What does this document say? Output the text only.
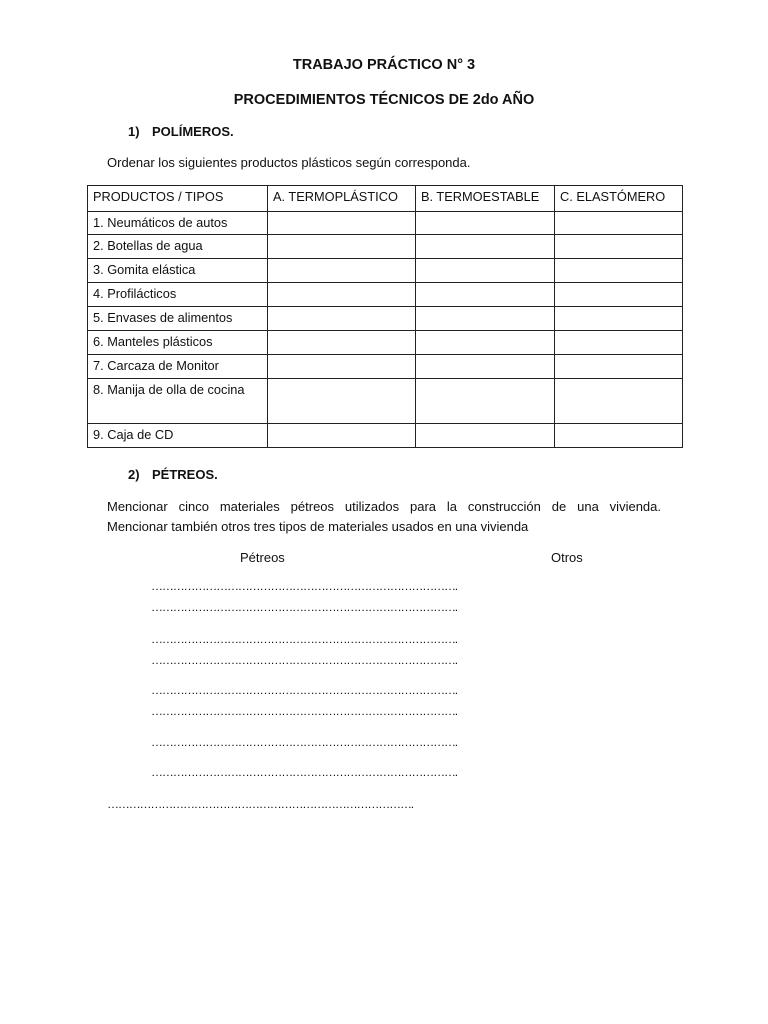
TRABAJO PRÁCTICO N° 3
PROCEDIMIENTOS TÉCNICOS DE 2do AÑO
1) POLÍMEROS.
Ordenar los siguientes productos plásticos según corresponda.
PRODUCTOS / TIPOS	A. TERMOPLÁSTICO	B. TERMOESTABLE	C. ELASTÓMERO
1. Neumáticos de autos			
2. Botellas de agua			
3. Gomita elástica			
4. Profilácticos			
5. Envases de alimentos			
6. Manteles plásticos			
7. Carcaza de Monitor			
8. Manija de olla de cocina			
9. Caja de CD			
2) PÉTREOS.
Mencionar cinco materiales pétreos utilizados para la construcción de una vivienda.
Mencionar también otros tres tipos de materiales usados en una vivienda
Pétreos	Otros
………………………………………………………………………….
………………………………………………………………………….
………………………………………………………………………….
………………………………………………………………………….
………………………………………………………………………….
………………………………………………………………………….
………………………………………………………………………….
………………………………………………………………………….
………………………………………………………………………….
